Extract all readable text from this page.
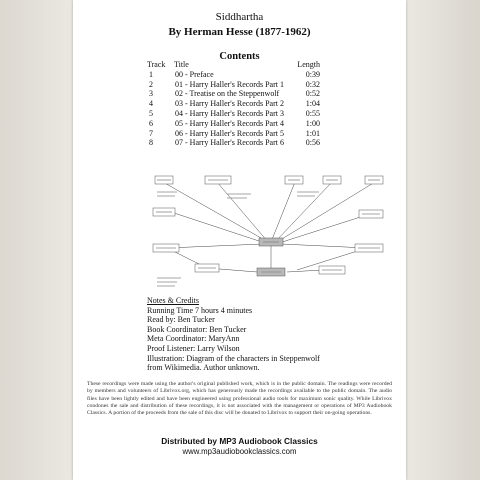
Siddhartha
By Herman Hesse (1877-1962)
Contents
Track	Title	Length
1	00 - Preface	0:39
2	01 - Harry Haller's Records Part 1	0:32
3	02 - Treatise on the Steppenwolf	0:52
4	03 - Harry Haller's Records Part 2	1:04
5	04 - Harry Haller's Records Part 3	0:55
6	05 - Harry Haller's Records Part 4	1:00
7	06 - Harry Haller's Records Part 5	1:01
8	07 - Harry Haller's Records Part 6	0:56
Notes & Credits
Running Time 7 hours 4 minutes
Read by: Ben Tucker
Book Coordinator: Ben Tucker
Meta Coordinator: MaryAnn
Proof Listener: Larry Wilson
Illustration: Diagram of the characters in Steppenwolf
from Wikimedia. Author unknown.
These recordings were made using the author's original published work, which is in the public domain. The readings were recorded by members and volunteers of Librivox.org, which has generously made the recordings available to the public domain. The audio files have been lightly edited and have been engineered using professional audio tools for maximum sonic quality. While Librivox condones the sale and distribution of these recordings, it is not associated with the management or operations of MP3 Audiobook Classics. A portion of the proceeds from the sale of this disc will be donated to Librivox to support their on-going operations.
Distributed by MP3 Audiobook Classics
www.mp3audiobookclassics.com
